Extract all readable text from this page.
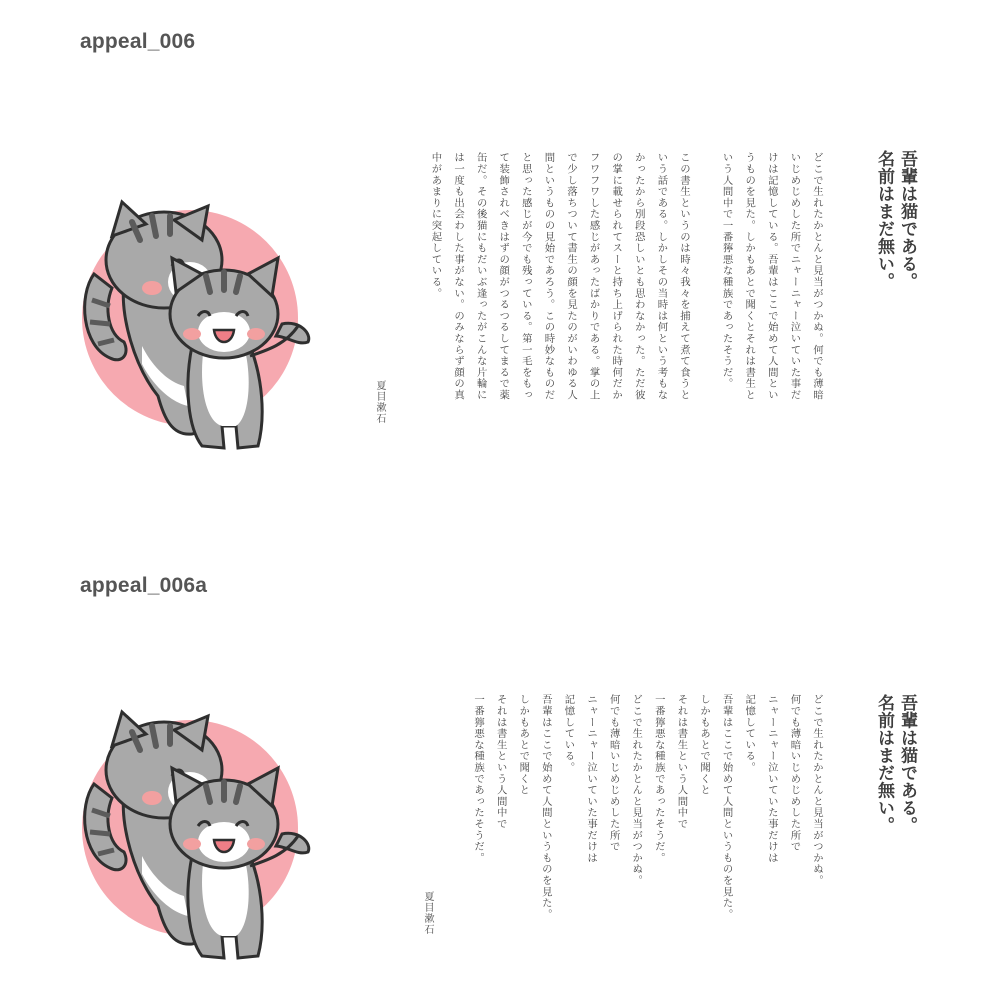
appeal_006
吾輩は猫である。
名前はまだ無い。
どこで生れたかとんと見当がつかぬ。何でも薄暗
いじめじめした所でニャーニャー泣いていた事だ
けは記憶している。吾輩はここで始めて人間とい
うものを見た。しかもあとで聞くとそれは書生と
いう人間中で一番獰悪な種族であったそうだ。
この書生というのは時々我々を捕えて煮て食うと
いう話である。しかしその当時は何という考もな
かったから別段恐しいとも思わなかった。ただ彼
の掌に載せられてスーと持ち上げられた時何だか
フワフワした感じがあったばかりである。掌の上
で少し落ちついて書生の顔を見たのがいわゆる人
間というものの見始であろう。この時妙なものだ
と思った感じが今でも残っている。第一毛をもっ
て装飾されべきはずの顔がつるつるしてまるで薬
缶だ。その後猫にもだいぶ逢ったがこんな片輪に
は一度も出会わした事がない。のみならず顔の真
中があまりに突起している。
夏目漱石
appeal_006a
吾輩は猫である。
名前はまだ無い。
どこで生れたかとんと見当がつかぬ。
何でも薄暗いじめじめした所で
ニャーニャー泣いていた事だけは
記憶している。
吾輩はここで始めて人間というものを見た。
しかもあとで聞くと
それは書生という人間中で
一番獰悪な種族であったそうだ。
どこで生れたかとんと見当がつかぬ。
何でも薄暗いじめじめした所で
ニャーニャー泣いていた事だけは
記憶している。
吾輩はここで始めて人間というものを見た。
しかもあとで聞くと
それは書生という人間中で
一番獰悪な種族であったそうだ。
夏目漱石
